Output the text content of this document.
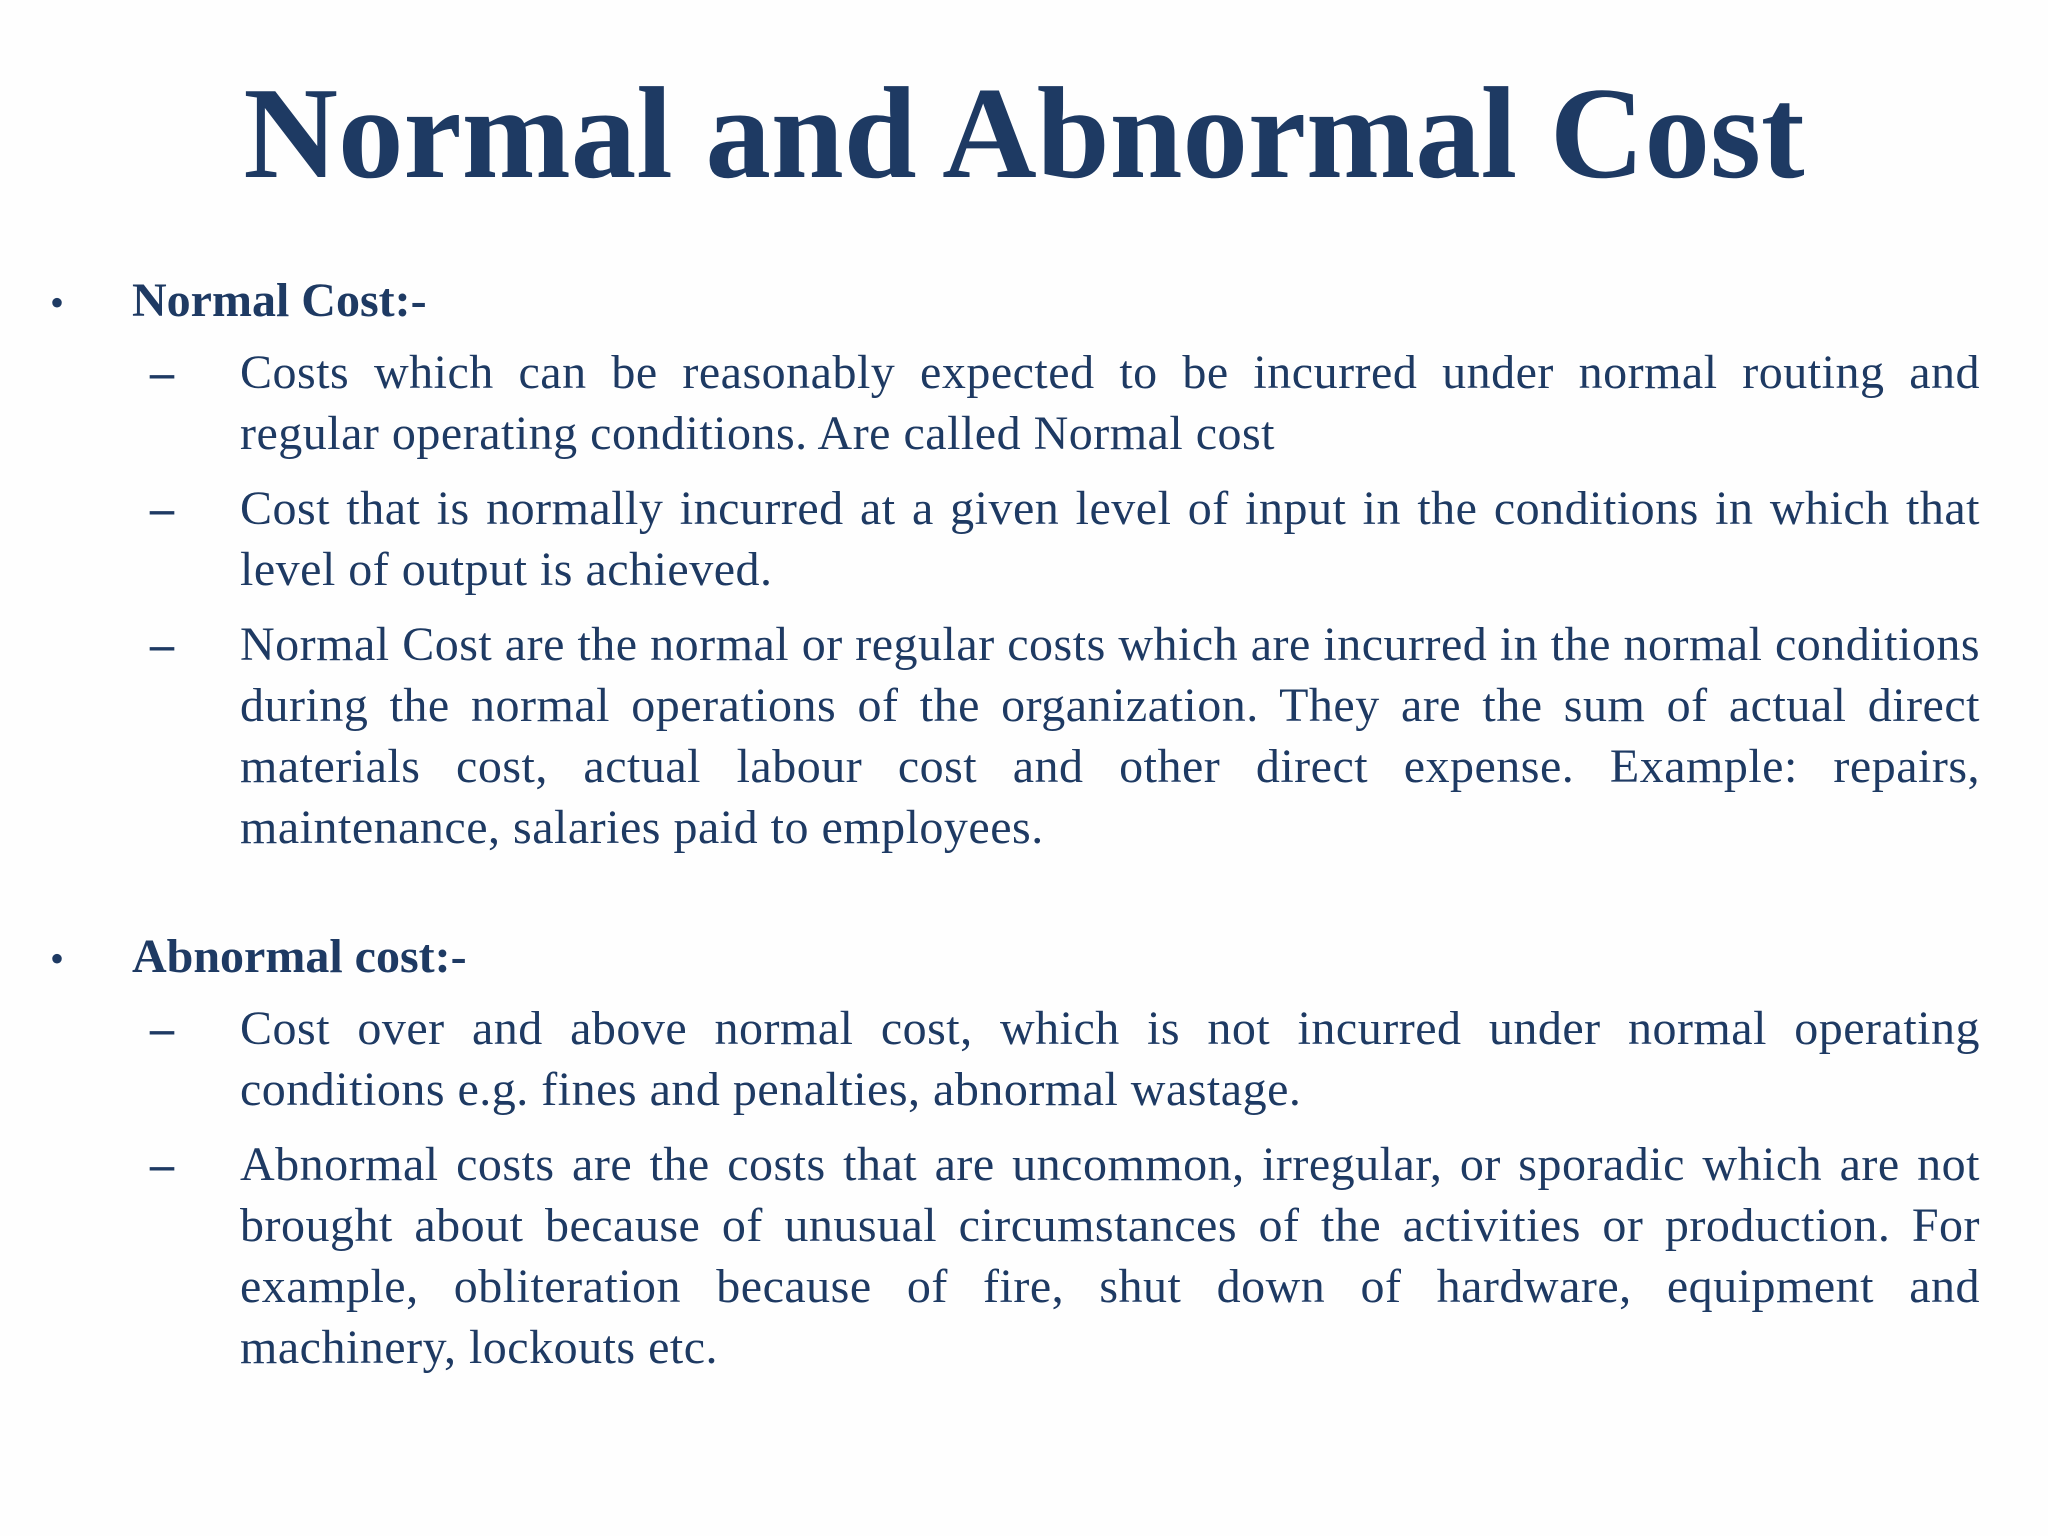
Normal and Abnormal Cost
•	Normal Cost:-
–	Costs which can be reasonably expected to be incurred under normal routing and regular operating conditions. Are called Normal cost
–	Cost that is normally incurred at a given level of input in the conditions in which that level of output is achieved.
–	Normal Cost are the normal or regular costs which are incurred in the normal conditions during the normal operations of the organization. They are the sum of actual direct materials cost, actual labour cost and other direct expense. Example: repairs, maintenance, salaries paid to employees.
•	Abnormal cost:-
–	Cost over and above normal cost, which is not incurred under normal operating conditions e.g. fines and penalties, abnormal wastage.
–	Abnormal costs are the costs that are uncommon, irregular, or sporadic which are not brought about because of unusual circumstances of the activities or production. For example, obliteration because of fire, shut down of hardware, equipment and machinery, lockouts etc.
